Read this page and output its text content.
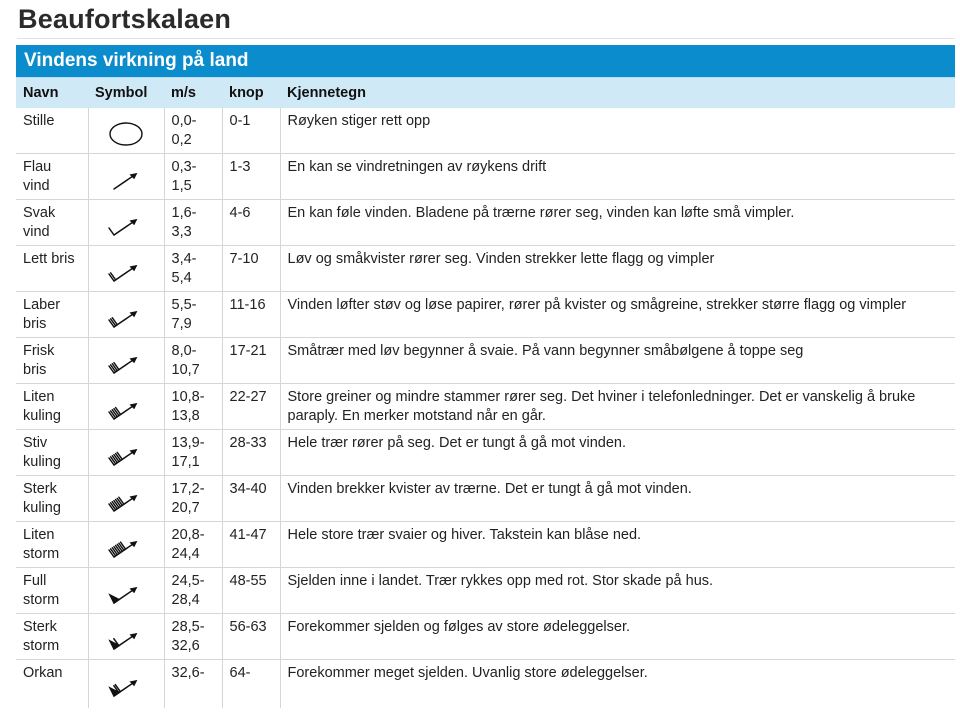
Beaufortskalaen
Vindens virkning på land
Navn	Symbol	m/s	knop	Kjennetegn
Stille		0,0-0,2	0-1	Røyken stiger rett opp
Flau vind		0,3-1,5	1-3	En kan se vindretningen av røykens drift
Svak vind		1,6-3,3	4-6	En kan føle vinden. Bladene på trærne rører seg, vinden kan løfte små vimpler.
Lett bris		3,4-5,4	7-10	Løv og småkvister rører seg. Vinden strekker lette flagg og vimpler
Laber bris		5,5-7,9	11-16	Vinden løfter støv og løse papirer, rører på kvister og smågreine, strekker større flagg og vimpler
Frisk bris		8,0-10,7	17-21	Småtrær med løv begynner å svaie. På vann begynner småbølgene å toppe seg
Liten kuling		10,8-13,8	22-27	Store greiner og mindre stammer rører seg. Det hviner i telefonledninger. Det er vanskelig å bruke paraply. En merker motstand når en går.
Stiv kuling		13,9-17,1	28-33	Hele trær rører på seg. Det er tungt å gå mot vinden.
Sterk kuling		17,2-20,7	34-40	Vinden brekker kvister av trærne. Det er tungt å gå mot vinden.
Liten storm		20,8-24,4	41-47	Hele store trær svaier og hiver. Takstein kan blåse ned.
Full storm		24,5-28,4	48-55	Sjelden inne i landet. Trær rykkes opp med rot. Stor skade på hus.
Sterk storm		28,5-32,6	56-63	Forekommer sjelden og følges av store ødeleggelser.
Orkan		32,6-	64-	Forekommer meget sjelden. Uvanlig store ødeleggelser.
